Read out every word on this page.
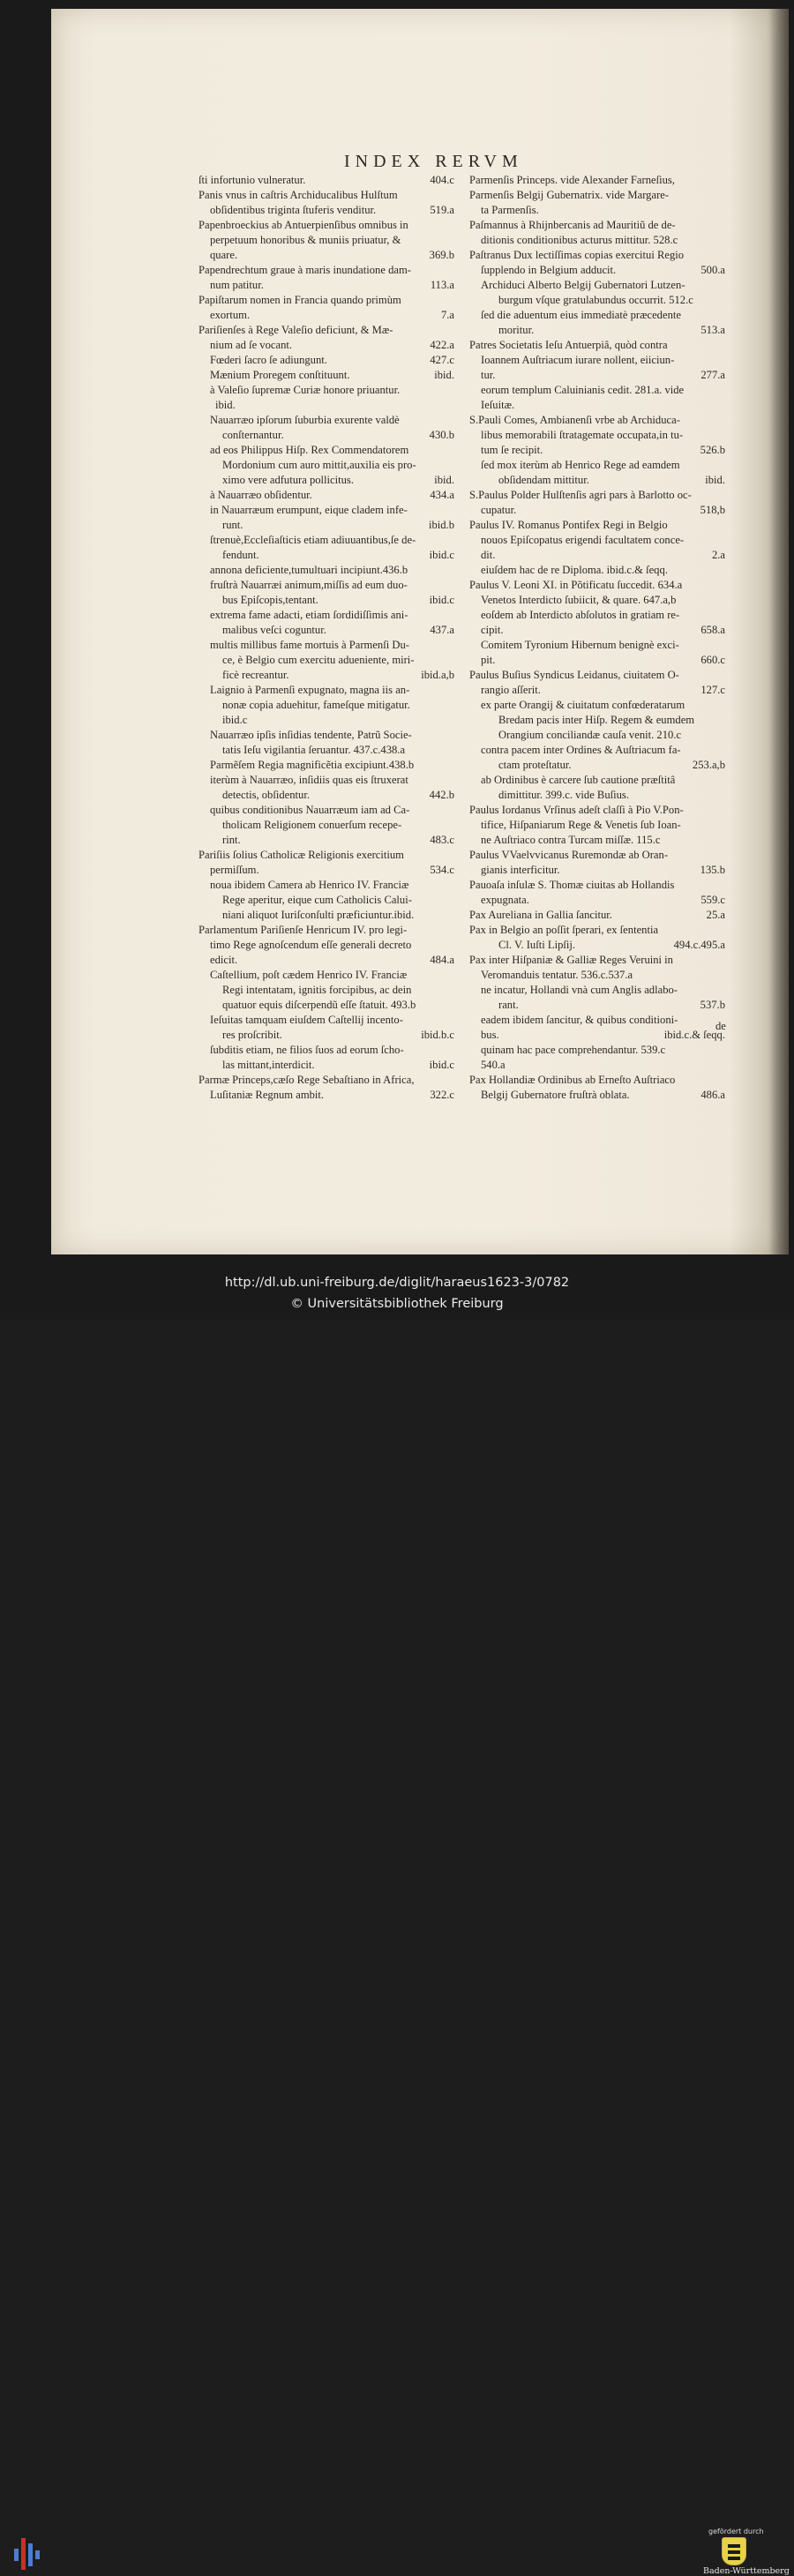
INDEX RERVM
ſti infortunio vulneratur.	404.c
Panis vnus in caſtris Archiducalibus Hulſtum
obſidentibus triginta ſtuferis venditur.	519.a
Papenbroeckius ab Antuerpienſibus omnibus in
perpetuum honoribus & muniis priuatur, &
quare.	369.b
Papendrechtum graue à maris inundatione dam-
num patitur.	113.a
Papiſtarum nomen in Francia quando primùm
exortum.	7.a
Pariſienſes à Rege Valeſio deficiunt, & Mæ-
nium ad ſe vocant.	422.a
Fœderi ſacro ſe adiungunt.	427.c
Mænium Proregem conſtituunt.	ibid.
à Valeſio ſupremæ Curiæ honore priuantur.
ibid.
Nauarræo ipſorum ſuburbia exurente valdè
conſternantur.	430.b
ad eos Philippus Hiſp. Rex Commendatorem
Mordonium cum auro mittit,auxilia eis pro-
ximo vere adfutura pollicitus.	ibid.
à Nauarræo obſidentur.	434.a
in Nauarræum erumpunt, eique cladem infe-
runt.	ibid.b
ſtrenuè,Eccleſiaſticis etiam adiuuantibus,ſe de-
fendunt.	ibid.c
annona deficiente,tumultuari incipiunt.436.b
fruſtrà Nauarræi animum,miſſis ad eum duo-
bus Epiſcopis,tentant.	ibid.c
extrema fame adacti, etiam ſordidiſſimis ani-
malibus veſci coguntur.	437.a
multis millibus fame mortuis à Parmenſi Du-
ce, è Belgio cum exercitu adueniente, miri-
ficè recreantur.	ibid.a,b
Laignio à Parmenſi expugnato, magna iis an-
nonæ copia aduehitur, fameſque mitigatur.
ibid.c
Nauarræo ipſis inſidias tendente, Patrũ Socie-
tatis Ieſu vigilantia ſeruantur. 437.c.438.a
Parmẽſem Regia magnificẽtia excipiunt.438.b
iterùm à Nauarræo, inſidiis quas eis ſtruxerat
detectis, obſidentur.	442.b
quibus conditionibus Nauarræum iam ad Ca-
tholicam Religionem conuerſum recepe-
rint.	483.c
Pariſiis ſolius Catholicæ Religionis exercitium
permiſſum.	534.c
noua ibidem Camera ab Henrico IV. Franciæ
Rege aperitur, eique cum Catholicis Calui-
niani aliquot Iuriſconſulti præficiuntur.ibid.
Parlamentum Pariſienſe Henricum IV. pro legi-
timo Rege agnoſcendum eſſe generali decreto
edicit.	484.a
Caſtellium, poſt cædem Henrico IV. Franciæ
Regi intentatam, ignitis forcipibus, ac dein
quatuor equis diſcerpendũ eſſe ſtatuit. 493.b
Ieſuitas tamquam eiuſdem Caſtellij incento-
res proſcribit.	ibid.b.c
ſubditis etiam, ne filios ſuos ad eorum ſcho-
las mittant,interdicit.	ibid.c
Parmæ Princeps,cæſo Rege Sebaſtiano in Africa,
Luſitaniæ Regnum ambit.	322.c
Parmenſis Princeps. vide Alexander Farneſius,
Parmenſis Belgij Gubernatrix. vide Margare-
ta Parmenſis.
Paſmannus à Rhijnbercanis ad Mauritiũ de de-
ditionis conditionibus acturus mittitur. 528.c
Paſtranus Dux lectiſſimas copias exercitui Regio
ſupplendo in Belgium adducit.	500.a
Archiduci Alberto Belgij Gubernatori Lutzen-
burgum vſque gratulabundus occurrit. 512.c
ſed die aduentum eius immediatè præcedente
moritur.	513.a
Patres Societatis Ieſu Antuerpiâ, quòd contra
Ioannem Auſtriacum iurare nollent, eiiciun-
tur.	277.a
eorum templum Caluinianis cedit. 281.a. vide
Ieſuitæ.
S.Pauli Comes, Ambianenſi vrbe ab Archiduca-
libus memorabili ſtratagemate occupata,in tu-
tum ſe recipit.	526.b
ſed mox iterùm ab Henrico Rege ad eamdem
obſidendam mittitur.	ibid.
S.Paulus Polder Hulſtenſis agri pars à Barlotto oc-
cupatur.	518,b
Paulus IV. Romanus Pontifex Regi in Belgio
nouos Epiſcopatus erigendi facultatem conce-
dit.	2.a
eiuſdem hac de re Diploma. ibid.c.& ſeqq.
Paulus V. Leoni XI. in Põtificatu ſuccedit. 634.a
Venetos Interdicto ſubiicit, & quare. 647.a,b
eoſdem ab Interdicto abſolutos in gratiam re-
cipit.	658.a
Comitem Tyronium Hibernum benignè exci-
pit.	660.c
Paulus Buſius Syndicus Leidanus, ciuitatem O-
rangio aſſerit.	127.c
ex parte Orangij & ciuitatum confœderatarum
Bredam pacis inter Hiſp. Regem & eumdem
Orangium conciliandæ cauſa venit. 210.c
contra pacem inter Ordines & Auſtriacum fa-
ctam proteſtatur.	253.a,b
ab Ordinibus è carcere ſub cautione præſtitâ
dimittitur. 399.c. vide Buſius.
Paulus Iordanus Vrſinus adeſt claſſi à Pio V.Pon-
tifice, Hiſpaniarum Rege & Venetis ſub Ioan-
ne Auſtriaco contra Turcam miſſæ. 115.c
Paulus VVaelvvicanus Ruremondæ ab Oran-
gianis interficitur.	135.b
Pauoaſa inſulæ S. Thomæ ciuitas ab Hollandis
expugnata.	559.c
Pax Aureliana in Gallia ſancitur.	25.a
Pax in Belgio an poſſit ſperari, ex ſententia
Cl. V. Iuſti Lipſij.	494.c.495.a
Pax inter Hiſpaniæ & Galliæ Reges Veruini in
Veromanduis tentatur. 536.c.537.a
ne incatur, Hollandi vnà cum Anglis adlabo-
rant.	537.b
eadem ibidem ſancitur, & quibus conditioni-
bus.	ibid.c.& ſeqq.
quinam hac pace comprehendantur. 539.c
540.a
Pax Hollandiæ Ordinibus ab Erneſto Auſtriaco
Belgij Gubernatore fruſtrà oblata.	486.a
de
gefördert durch
Baden-Württemberg
http://dl.ub.uni-freiburg.de/diglit/haraeus1623-3/0782
© Universitätsbibliothek Freiburg
